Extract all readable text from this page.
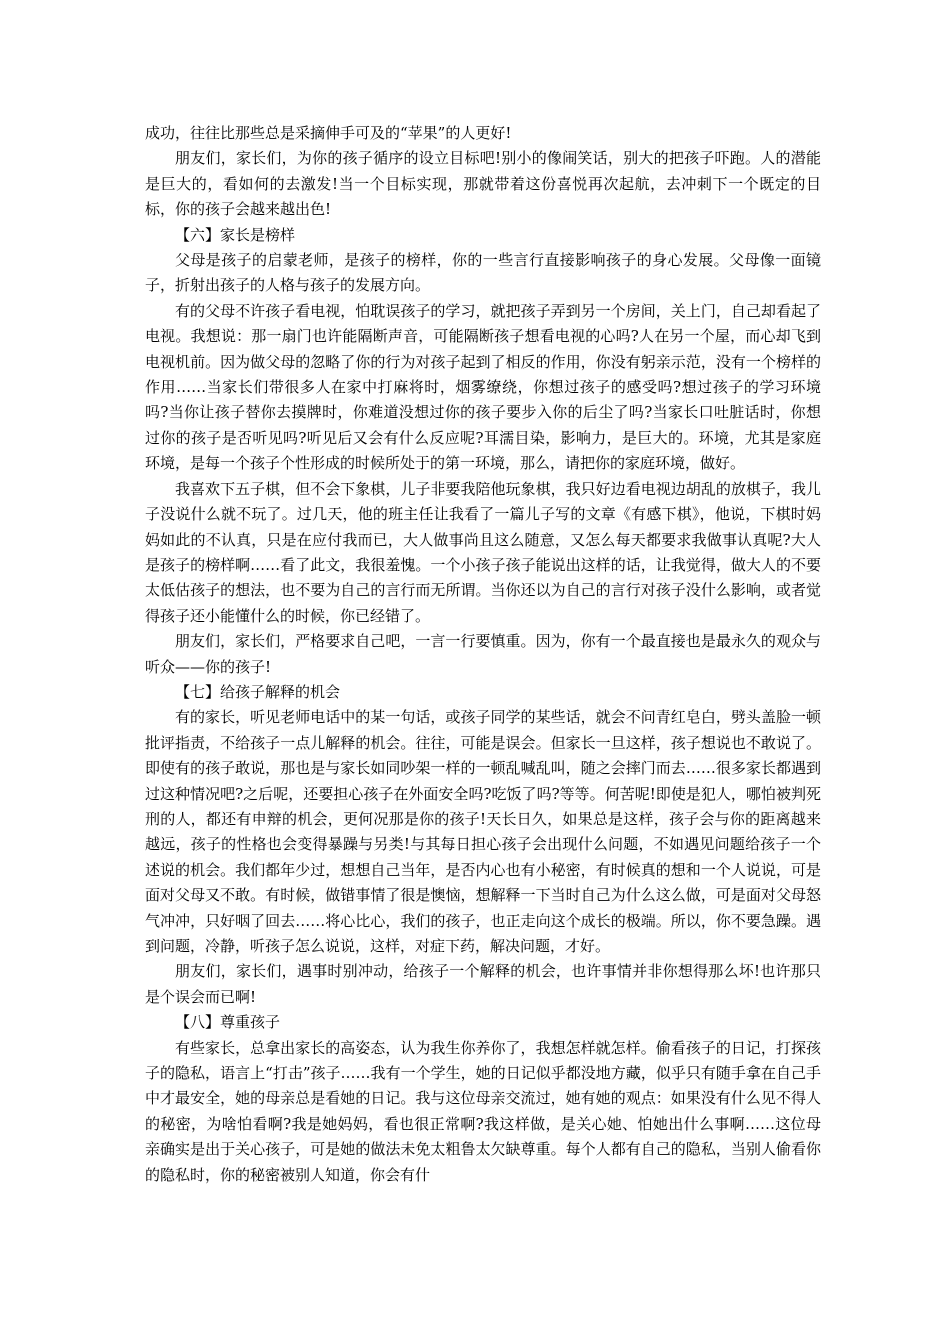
成功，往往比那些总是采摘伸手可及的“苹果”的人更好!

朋友们，家长们，为你的孩子循序的设立目标吧!别小的像闹笑话，别大的把孩子吓跑。人的潜能是巨大的，看如何的去激发!当一个目标实现，那就带着这份喜悦再次起航，去冲刺下一个既定的目标，你的孩子会越来越出色!

【六】家长是榜样

父母是孩子的启蒙老师，是孩子的榜样，你的一些言行直接影响孩子的身心发展。父母像一面镜子，折射出孩子的人格与孩子的发展方向。

有的父母不许孩子看电视，怕耽误孩子的学习，就把孩子弄到另一个房间，关上门，自己却看起了电视。我想说：那一扇门也许能隔断声音，可能隔断孩子想看电视的心吗?人在另一个屋，而心却飞到电视机前。因为做父母的忽略了你的行为对孩子起到了相反的作用，你没有躬亲示范，没有一个榜样的作用……当家长们带很多人在家中打麻将时，烟雾缭绕，你想过孩子的感受吗?想过孩子的学习环境吗?当你让孩子替你去摸牌时，你难道没想过你的孩子要步入你的后尘了吗?当家长口吐脏话时，你想过你的孩子是否听见吗?听见后又会有什么反应呢?耳濡目染，影响力，是巨大的。环境，尤其是家庭环境，是每一个孩子个性形成的时候所处于的第一环境，那么，请把你的家庭环境，做好。

我喜欢下五子棋，但不会下象棋，儿子非要我陪他玩象棋，我只好边看电视边胡乱的放棋子，我儿子没说什么就不玩了。过几天，他的班主任让我看了一篇儿子写的文章《有感下棋》，他说，下棋时妈妈如此的不认真，只是在应付我而已，大人做事尚且这么随意，又怎么每天都要求我做事认真呢?大人是孩子的榜样啊……看了此文，我很羞愧。一个小孩子孩子能说出这样的话，让我觉得，做大人的不要太低估孩子的想法，也不要为自己的言行而无所谓。当你还以为自己的言行对孩子没什么影响，或者觉得孩子还小能懂什么的时候，你已经错了。

朋友们，家长们，严格要求自己吧，一言一行要慎重。因为，你有一个最直接也是最永久的观众与听众——你的孩子!

【七】给孩子解释的机会

有的家长，听见老师电话中的某一句话，或孩子同学的某些话，就会不问青红皂白，劈头盖脸一顿批评指责，不给孩子一点儿解释的机会。往往，可能是误会。但家长一旦这样，孩子想说也不敢说了。即使有的孩子敢说，那也是与家长如同吵架一样的一顿乱喊乱叫，随之会摔门而去……很多家长都遇到过这种情况吧?之后呢，还要担心孩子在外面安全吗?吃饭了吗?等等。何苦呢!即使是犯人，哪怕被判死刑的人，都还有申辩的机会，更何况那是你的孩子!天长日久，如果总是这样，孩子会与你的距离越来越远，孩子的性格也会变得暴躁与另类!与其每日担心孩子会出现什么问题，不如遇见问题给孩子一个述说的机会。我们都年少过，想想自己当年，是否内心也有小秘密，有时候真的想和一个人说说，可是面对父母又不敢。有时候，做错事情了很是懊恼，想解释一下当时自己为什么这么做，可是面对父母怒气冲冲，只好咽了回去……将心比心，我们的孩子，也正走向这个成长的极端。所以，你不要急躁。遇到问题，冷静，听孩子怎么说说，这样，对症下药，解决问题，才好。

朋友们，家长们，遇事时别冲动，给孩子一个解释的机会，也许事情并非你想得那么坏!也许那只是个误会而已啊!

【八】尊重孩子

有些家长，总拿出家长的高姿态，认为我生你养你了，我想怎样就怎样。偷看孩子的日记，打探孩子的隐私，语言上“打击”孩子……我有一个学生，她的日记似乎都没地方藏，似乎只有随手拿在自己手中才最安全，她的母亲总是看她的日记。我与这位母亲交流过，她有她的观点：如果没有什么见不得人的秘密，为啥怕看啊?我是她妈妈，看也很正常啊?我这样做，是关心她、怕她出什么事啊……这位母亲确实是出于关心孩子，可是她的做法未免太粗鲁太欠缺尊重。每个人都有自己的隐私，当别人偷看你的隐私时，你的秘密被别人知道，你会有什
